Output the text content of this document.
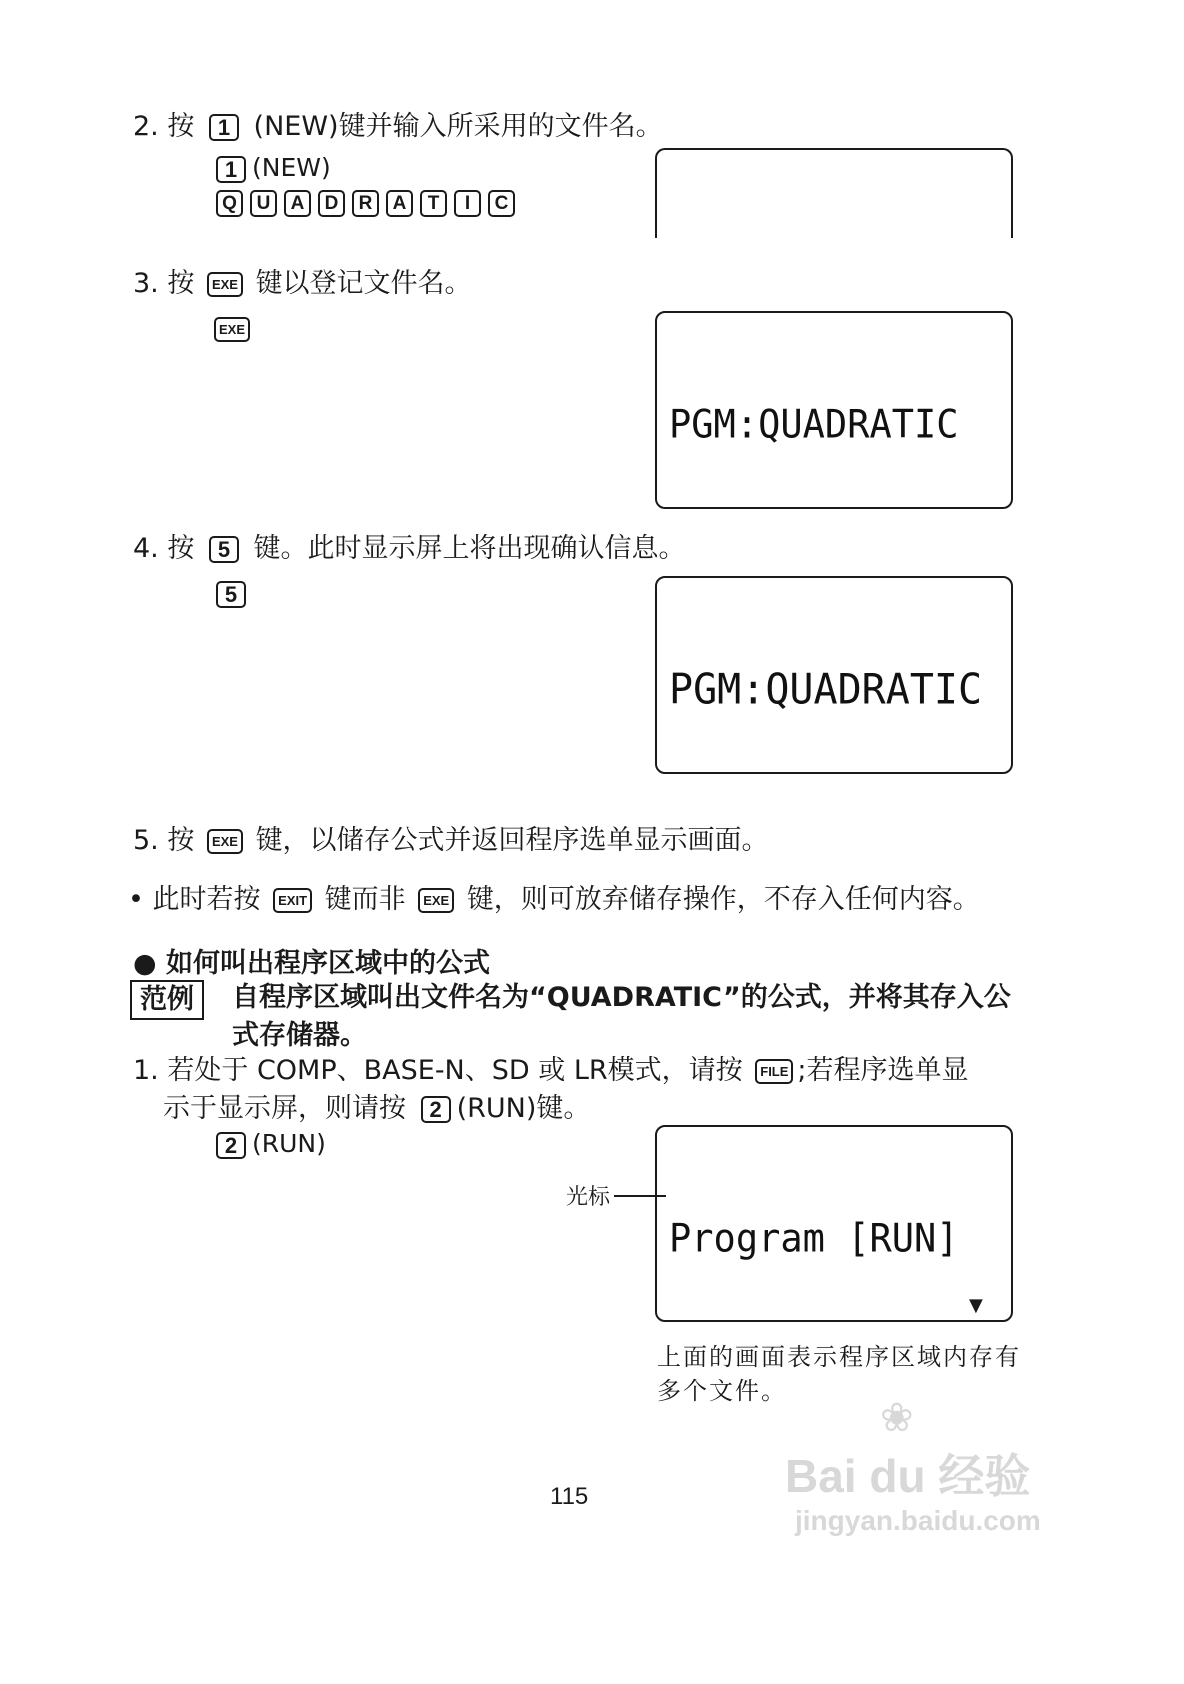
2. 按 1 (NEW)键并输入所采用的文件名。
1 (NEW)
Q U A D R A T I C

3. 按 EXE 键以登记文件名。
EXE

PGM:QUADRATIC

4. 按 5 键。此时显示屏上将出现确认信息。
5

PGM:QUADRATIC

5. 按 EXE 键，以储存公式并返回程序选单显示画面。
• 此时若按 EXIT 键而非 EXE 键，则可放弃储存操作，不存入任何内容。
● 如何叫出程序区域中的公式
范例	自程序区域叫出文件名为“QUADRATIC”的公式，并将其存入公
式存储器。
1. 若处于 COMP、BASE-N、SD 或 LR模式，请按 FILE ;若程序选单显
示于显示屏，则请按 2 (RUN)键。
2 (RUN)
光标

Program [RUN]

▼
上面的画面表示程序区域内存有
多个文件。
115	Bai du 经验
❀
jingyan.baidu.com
